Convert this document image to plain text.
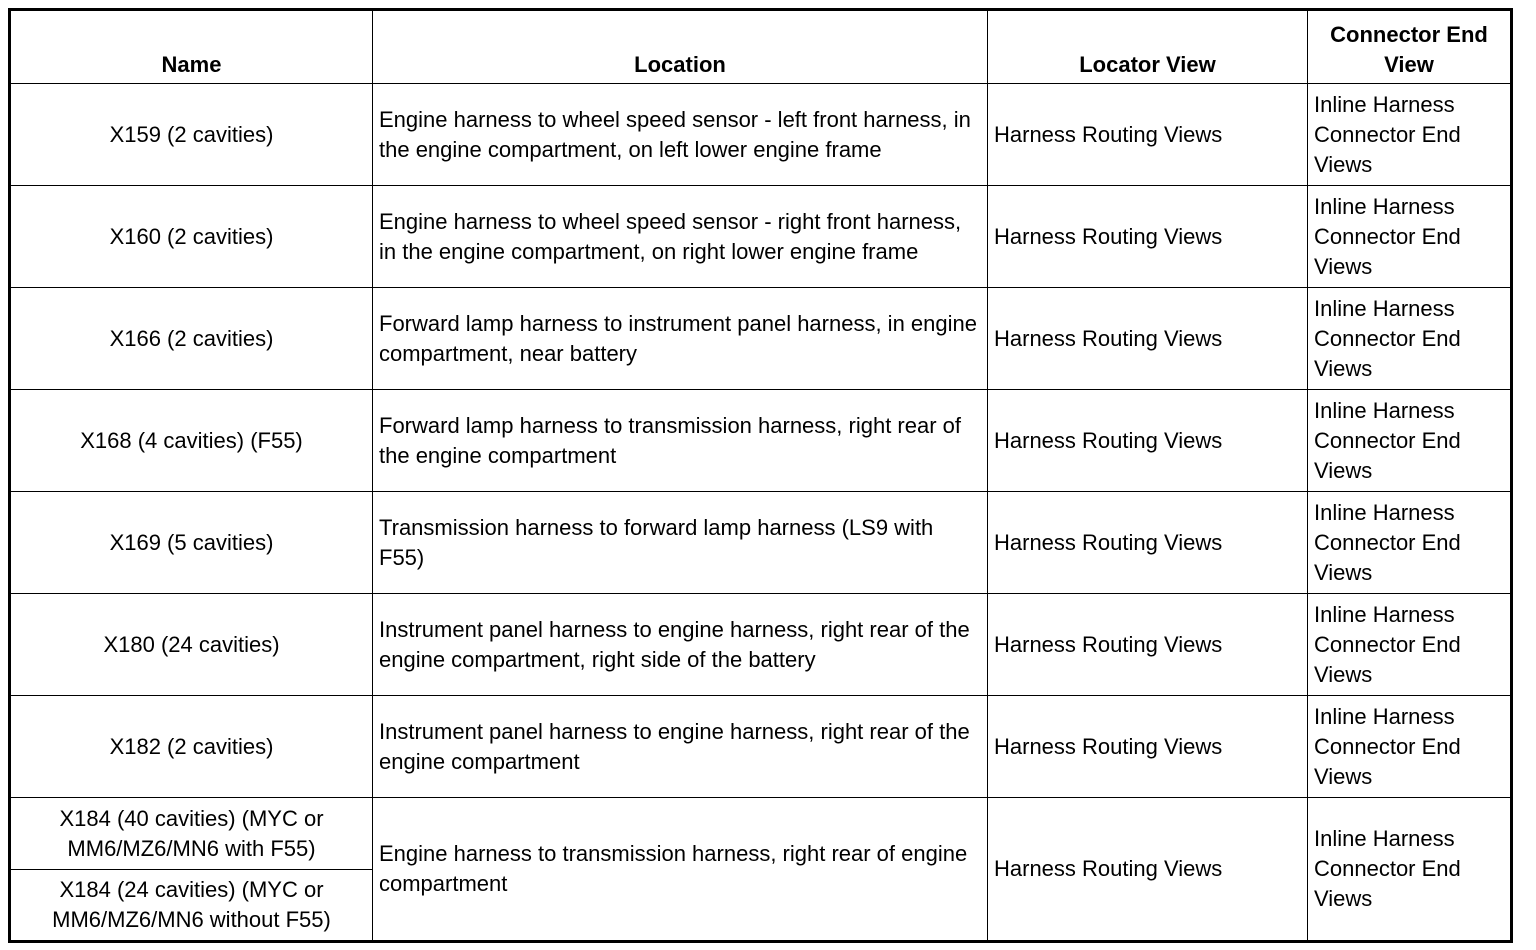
Name	Location	Locator View	Connector End View
X159 (2 cavities)	Engine harness to wheel speed sensor - left front harness, in the engine compartment, on left lower engine frame	Harness Routing Views	Inline Harness Connector End Views
X160 (2 cavities)	Engine harness to wheel speed sensor - right front harness, in the engine compartment, on right lower engine frame	Harness Routing Views	Inline Harness Connector End Views
X166 (2 cavities)	Forward lamp harness to instrument panel harness, in engine compartment, near battery	Harness Routing Views	Inline Harness Connector End Views
X168 (4 cavities) (F55)	Forward lamp harness to transmission harness, right rear of the engine compartment	Harness Routing Views	Inline Harness Connector End Views
X169 (5 cavities)	Transmission harness to forward lamp harness (LS9 with F55)	Harness Routing Views	Inline Harness Connector End Views
X180 (24 cavities)	Instrument panel harness to engine harness, right rear of the engine compartment, right side of the battery	Harness Routing Views	Inline Harness Connector End Views
X182 (2 cavities)	Instrument panel harness to engine harness, right rear of the engine compartment	Harness Routing Views	Inline Harness Connector End Views
X184 (40 cavities) (MYC or MM6/MZ6/MN6 with F55)	Engine harness to transmission harness, right rear of engine compartment	Harness Routing Views	Inline Harness Connector End Views
X184 (24 cavities) (MYC or MM6/MZ6/MN6 without F55)			
